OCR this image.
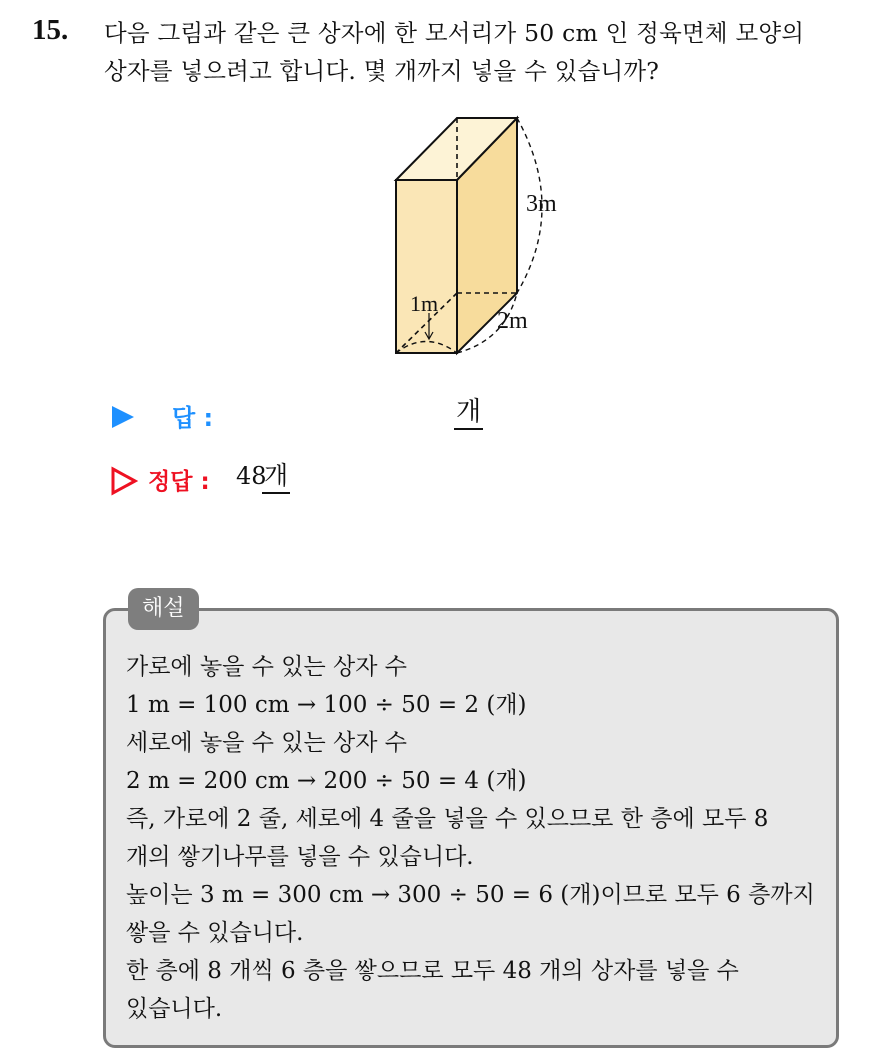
15. 다음 그림과 같은 큰 상자에 한 모서리가 50 cm 인 정육면체 모양의
상자를 넣으려고 합니다. 몇 개까지 넣을 수 있습니까?
3m
1m
2m
답 :	개
정답 : 48
개
해설
가로에 놓을 수 있는 상자 수
1 m = 100 cm → 100 ÷ 50 = 2 (개)
세로에 놓을 수 있는 상자 수
2 m = 200 cm → 200 ÷ 50 = 4 (개)
즉, 가로에 2 줄, 세로에 4 줄을 넣을 수 있으므로 한 층에 모두 8
개의 쌓기나무를 넣을 수 있습니다.
높이는 3 m = 300 cm → 300 ÷ 50 = 6 (개)이므로 모두 6 층까지
쌓을 수 있습니다.
한 층에 8 개씩 6 층을 쌓으므로 모두 48 개의 상자를 넣을 수
있습니다.
